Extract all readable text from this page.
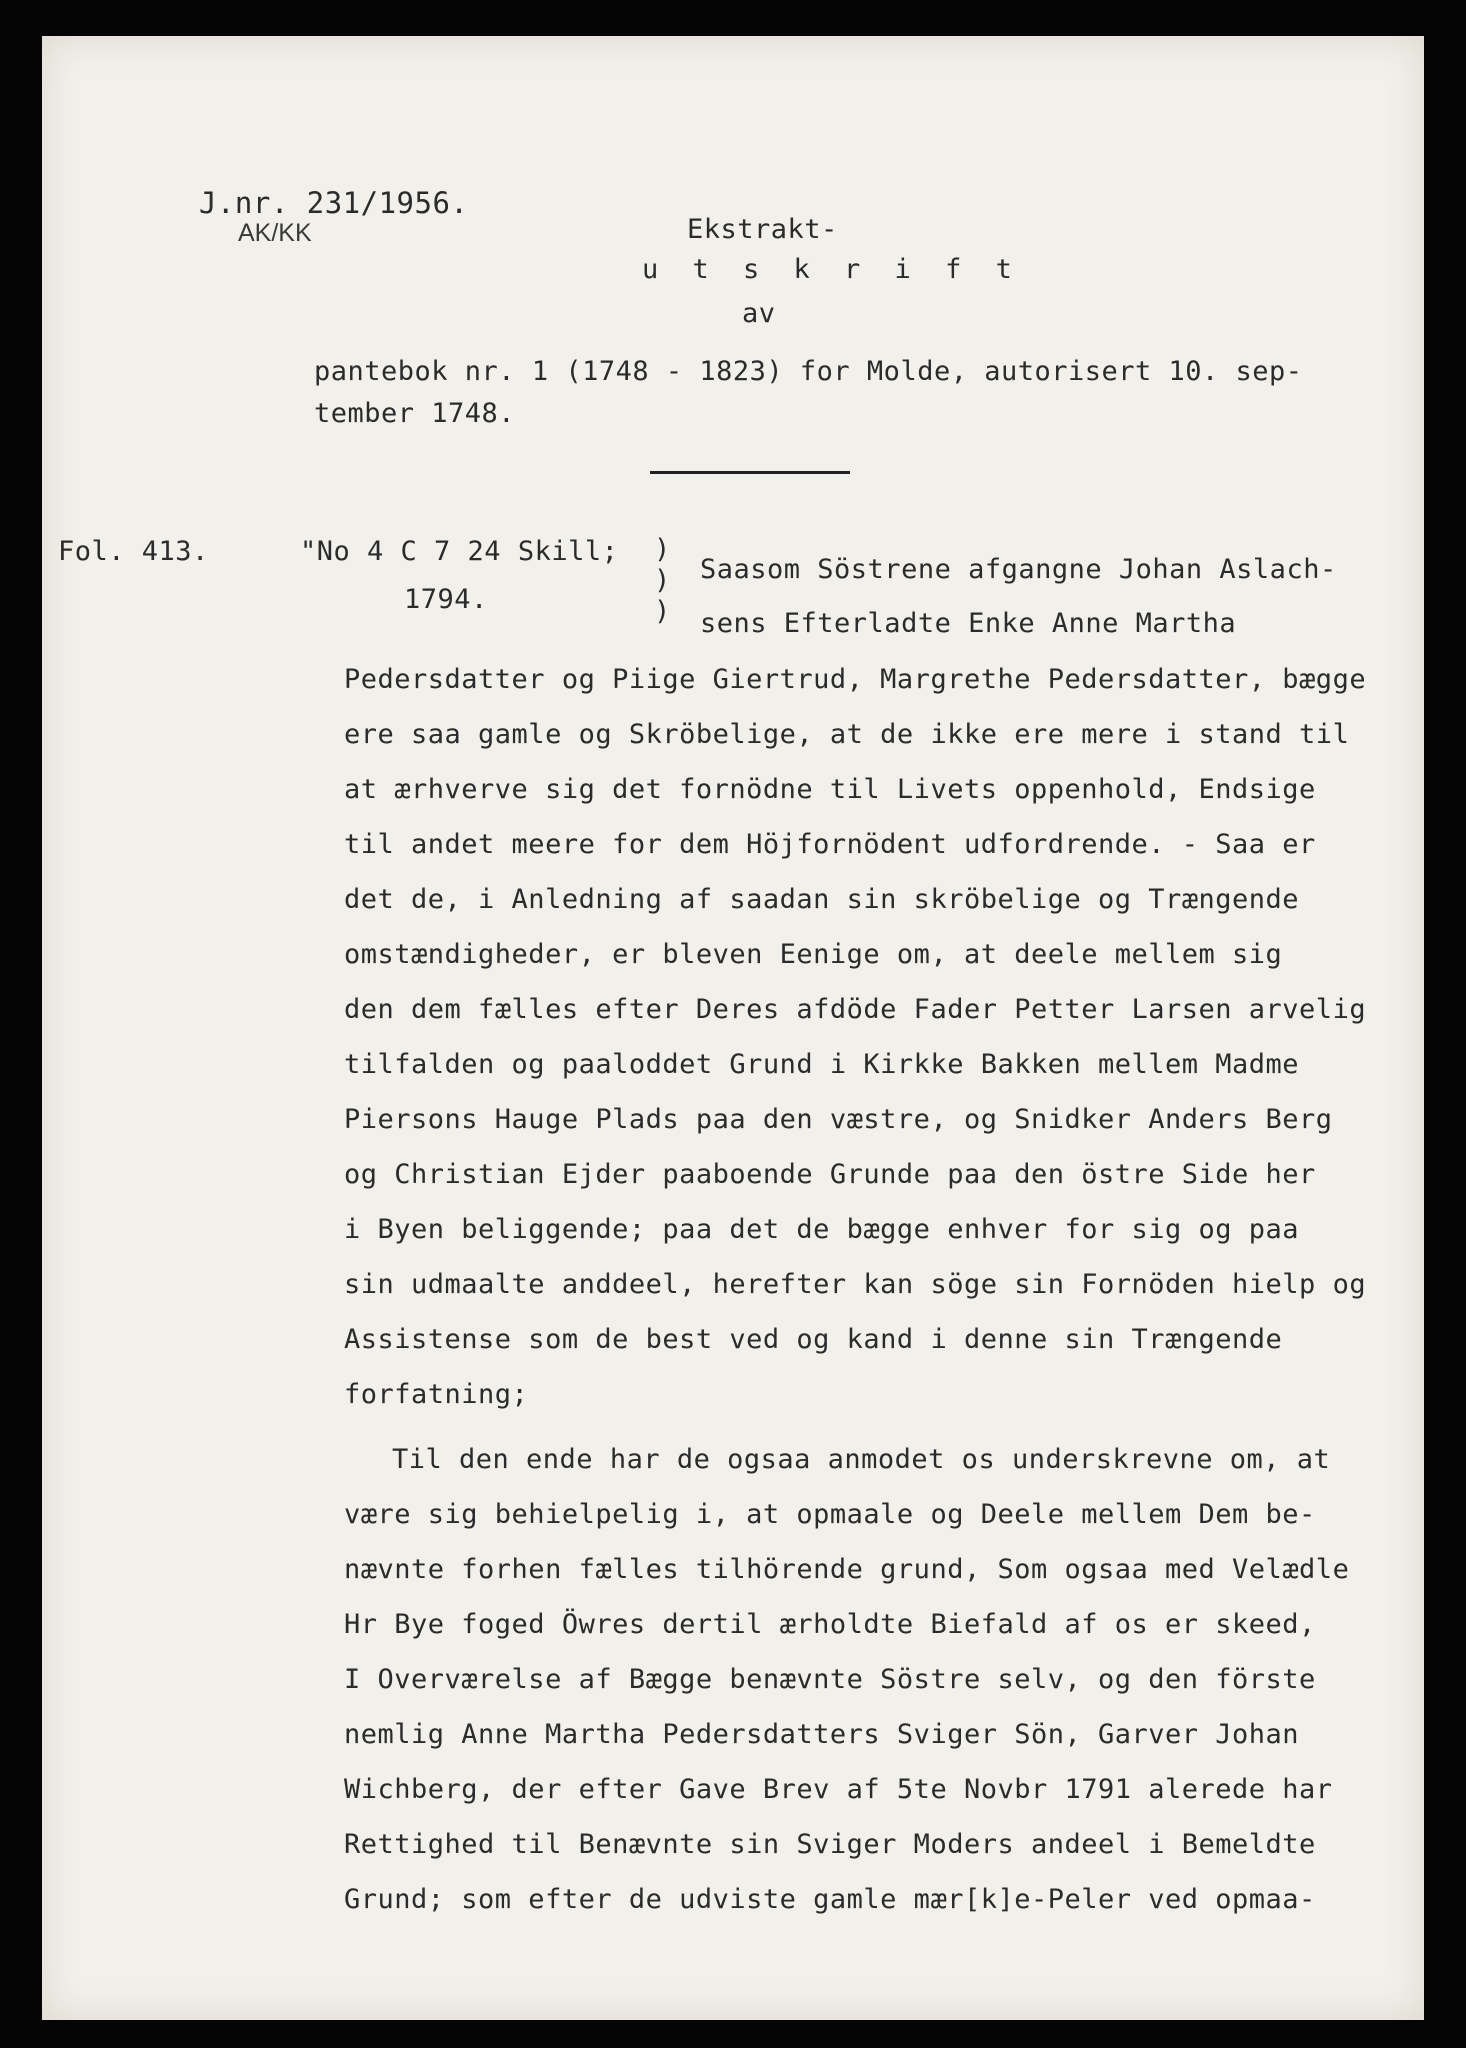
J.nr. 231/1956.
AK/KK	Ekstrakt-
u t s k r i f t
av
pantebok nr. 1 (1748 - 1823) for Molde, autorisert 10. sep-
tember 1748.
Fol. 413.	"No 4 C 7 24 Skill;
1794.
)
)
)
Saasom Söstrene afgangne Johan Aslach-
sens Efterladte Enke Anne Martha
Pedersdatter og Piige Giertrud, Margrethe Pedersdatter, bægge
ere saa gamle og Skröbelige, at de ikke ere mere i stand til
at ærhverve sig det fornödne til Livets oppenhold, Endsige
til andet meere for dem Höjfornödent udfordrende. - Saa er
det de, i Anledning af saadan sin skröbelige og Trængende
omstændigheder, er bleven Eenige om, at deele mellem sig
den dem fælles efter Deres afdöde Fader Petter Larsen arvelig
tilfalden og paaloddet Grund i Kirkke Bakken mellem Madme
Piersons Hauge Plads paa den væstre, og Snidker Anders Berg
og Christian Ejder paaboende Grunde paa den östre Side her
i Byen beliggende; paa det de bægge enhver for sig og paa
sin udmaalte anddeel, herefter kan söge sin Fornöden hielp og
Assistense som de best ved og kand i denne sin Trængende
forfatning;
Til den ende har de ogsaa anmodet os underskrevne om, at
være sig behielpelig i, at opmaale og Deele mellem Dem be-
nævnte forhen fælles tilhörende grund, Som ogsaa med Velædle
Hr Bye foged Öwres dertil ærholdte Biefald af os er skeed,
I Overværelse af Bægge benævnte Söstre selv, og den förste
nemlig Anne Martha Pedersdatters Sviger Sön, Garver Johan
Wichberg, der efter Gave Brev af 5te Novbr 1791 alerede har
Rettighed til Benævnte sin Sviger Moders andeel i Bemeldte
Grund; som efter de udviste gamle mær[k]e-Peler ved opmaa-
